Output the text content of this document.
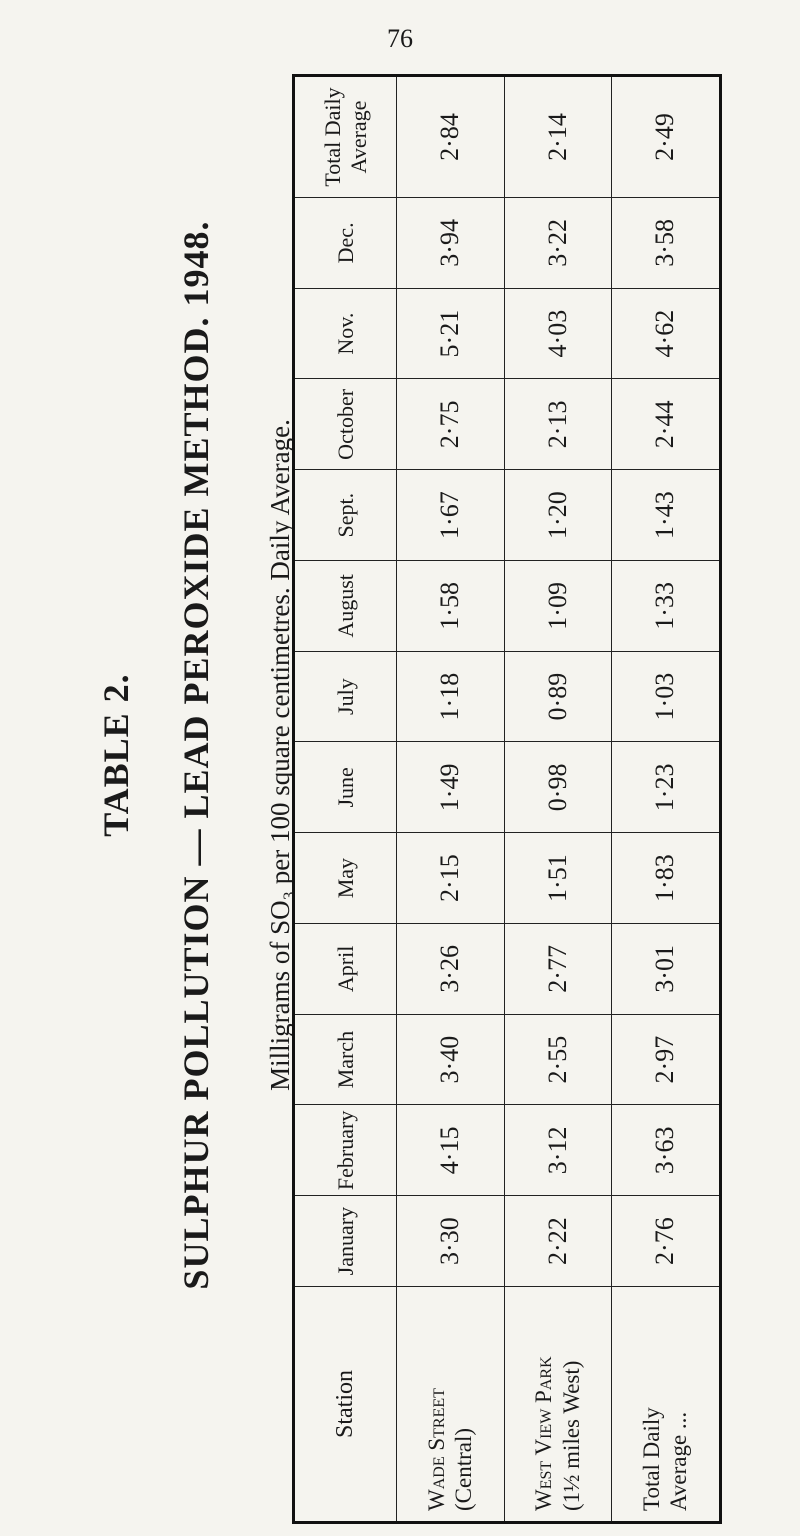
76
TABLE 2. SULPHUR POLLUTION — LEAD PEROXIDE METHOD. 1948. Milligrams of SO₃ per 100 square centimetres. Daily Average.
Station	January	February	March	April	May	June	July	August	Sept.	October	Nov.	Dec.	Total Daily Average
Wade Street (Central)	3·30	4·15	3·40	3·26	2·15	1·49	1·18	1·58	1·67	2·75	5·21	3·94	2·84
West View Park (1½ miles West)	2·22	3·12	2·55	2·77	1·51	0·98	0·89	1·09	1·20	2·13	4·03	3·22	2·14
Total Daily Average ...	2·76	3·63	2·97	3·01	1·83	1·23	1·03	1·33	1·43	2·44	4·62	3·58	2·49
